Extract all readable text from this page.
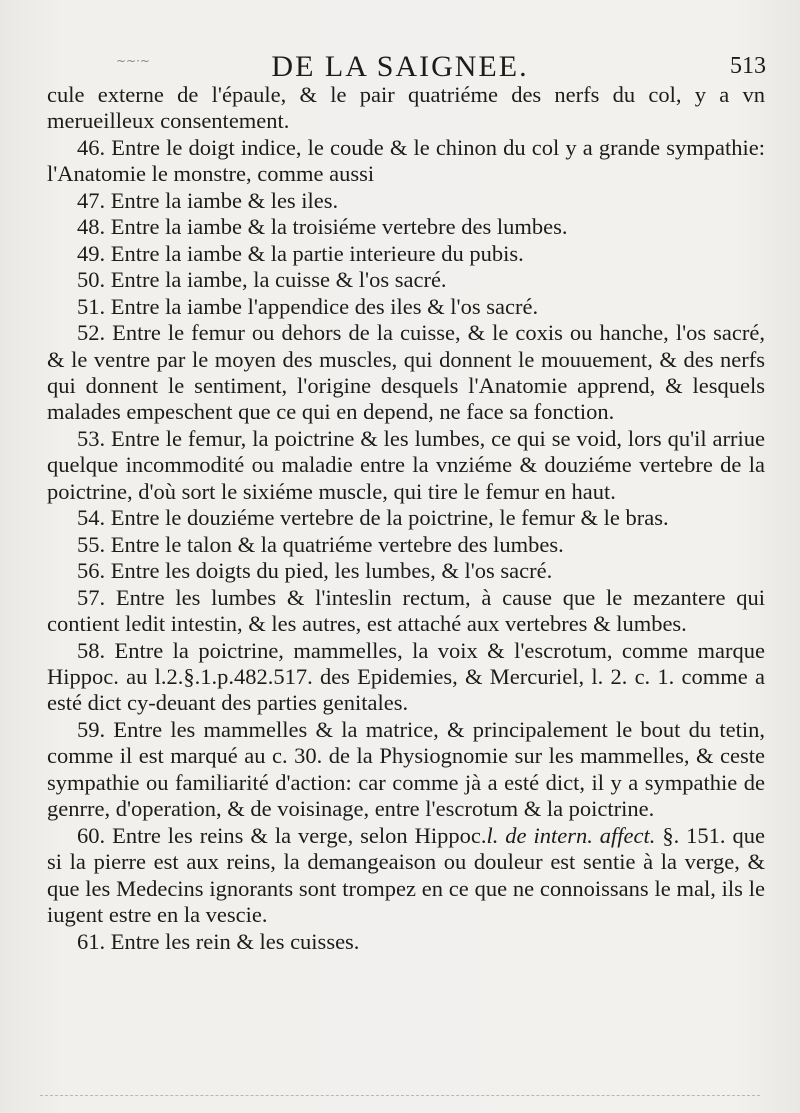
~~·~	DE LA SAIGNEE.	513

cule externe de l'épaule, & le pair quatriéme des nerfs du col, y a vn merueilleux consentement.

46. Entre le doigt indice, le coude & le chinon du col y a grande sympathie: l'Anatomie le monstre, comme aussi

47. Entre la iambe & les iles.

48. Entre la iambe & la troisiéme vertebre des lumbes.

49. Entre la iambe & la partie interieure du pubis.

50. Entre la iambe, la cuisse & l'os sacré.

51. Entre la iambe l'appendice des iles & l'os sacré.

52. Entre le femur ou dehors de la cuisse, & le coxis ou hanche, l'os sacré, & le ventre par le moyen des muscles, qui donnent le mouuement, & des nerfs qui donnent le sentiment, l'origine desquels l'Anatomie apprend, & lesquels malades empeschent que ce qui en depend, ne face sa fonction.

53. Entre le femur, la poictrine & les lumbes, ce qui se void, lors qu'il arriue quelque incommodité ou maladie entre la vnziéme & douziéme vertebre de la poictrine, d'où sort le sixiéme muscle, qui tire le femur en haut.

54. Entre le douziéme vertebre de la poictrine, le femur & le bras.

55. Entre le talon & la quatriéme vertebre des lumbes.

56. Entre les doigts du pied, les lumbes, & l'os sacré.

57. Entre les lumbes & l'inteslin rectum, à cause que le mezantere qui contient ledit intestin, & les autres, est attaché aux vertebres & lumbes.

58. Entre la poictrine, mammelles, la voix & l'escrotum, comme marque Hippoc. au l.2.§.1.p.482.517. des Epidemies, & Mercuriel, l. 2. c. 1. comme a esté dict cy-deuant des parties genitales.

59. Entre les mammelles & la matrice, & principalement le bout du tetin, comme il est marqué au c. 30. de la Physiognomie sur les mammelles, & ceste sympathie ou familiarité d'action: car comme jà a esté dict, il y a sympathie de genrre, d'operation, & de voisinage, entre l'escrotum & la poictrine.

60. Entre les reins & la verge, selon Hippoc.l. de intern. affect. §. 151. que si la pierre est aux reins, la demangeaison ou douleur est sentie à la verge, & que les Medecins ignorants sont trompez en ce que ne connoissans le mal, ils le iugent estre en la vescie.

61. Entre les rein & les cuisses.
